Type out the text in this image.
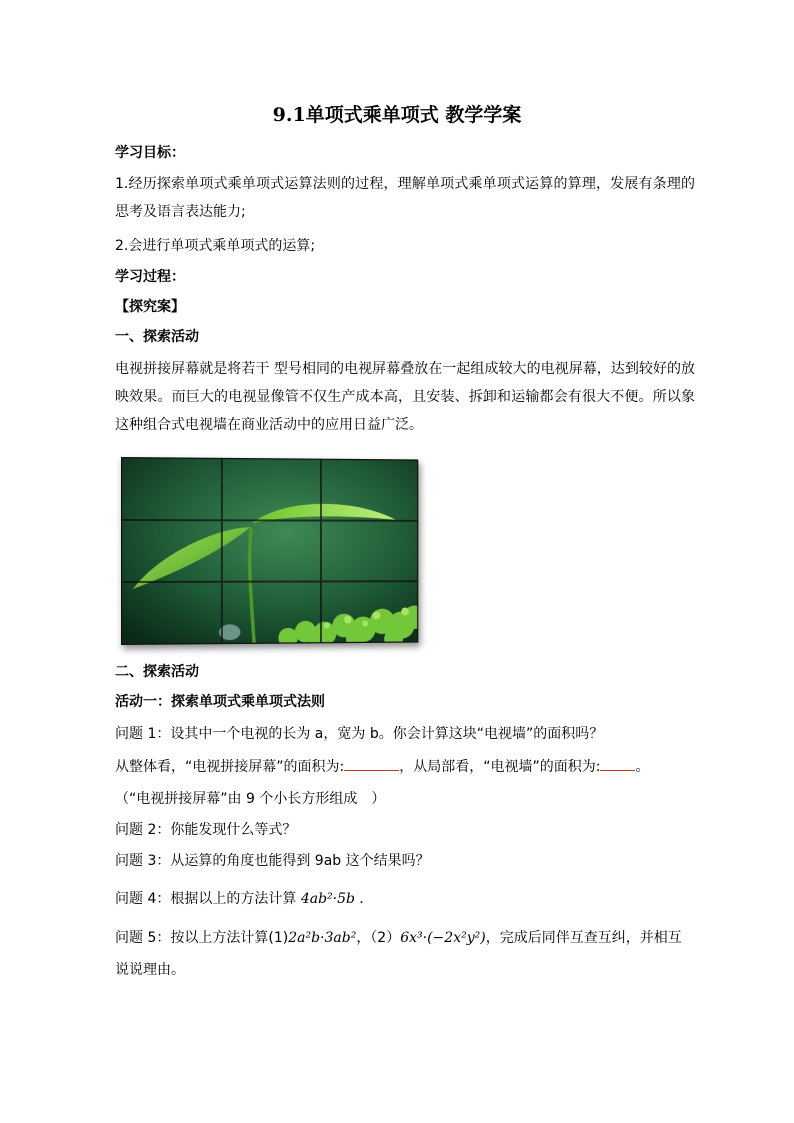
9.1单项式乘单项式 教学学案
学习目标：
1.经历探索单项式乘单项式运算法则的过程，理解单项式乘单项式运算的算理，发展有条理的思考及语言表达能力;
2.会进行单项式乘单项式的运算;
学习过程：
【探究案】
一、探索活动
电视拼接屏幕就是将若干 型号相同的电视屏幕叠放在一起组成较大的电视屏幕，达到较好的放映效果。而巨大的电视显像管不仅生产成本高，且安装、拆卸和运输都会有很大不便。所以象这种组合式电视墙在商业活动中的应用日益广泛。
二、探索活动
活动一：探索单项式乘单项式法则
问题 1：设其中一个电视的长为 a，宽为 b。你会计算这块“电视墙”的面积吗？
从整体看，“电视拼接屏幕”的面积为:	，从局部看，“电视墙”的面积为:	。
（“电视拼接屏幕”由 9 个小长方形组成　）
问题 2：你能发现什么等式？
问题 3：从运算的角度也能得到 9ab 这个结果吗？
问题 4：根据以上的方法计算 4ab²·5b ．
问题 5：按以上方法计算(1)2a²b·3ab²，（2）6x³·(−2x²y²)，完成后同伴互查互纠，并相互
说说理由。
